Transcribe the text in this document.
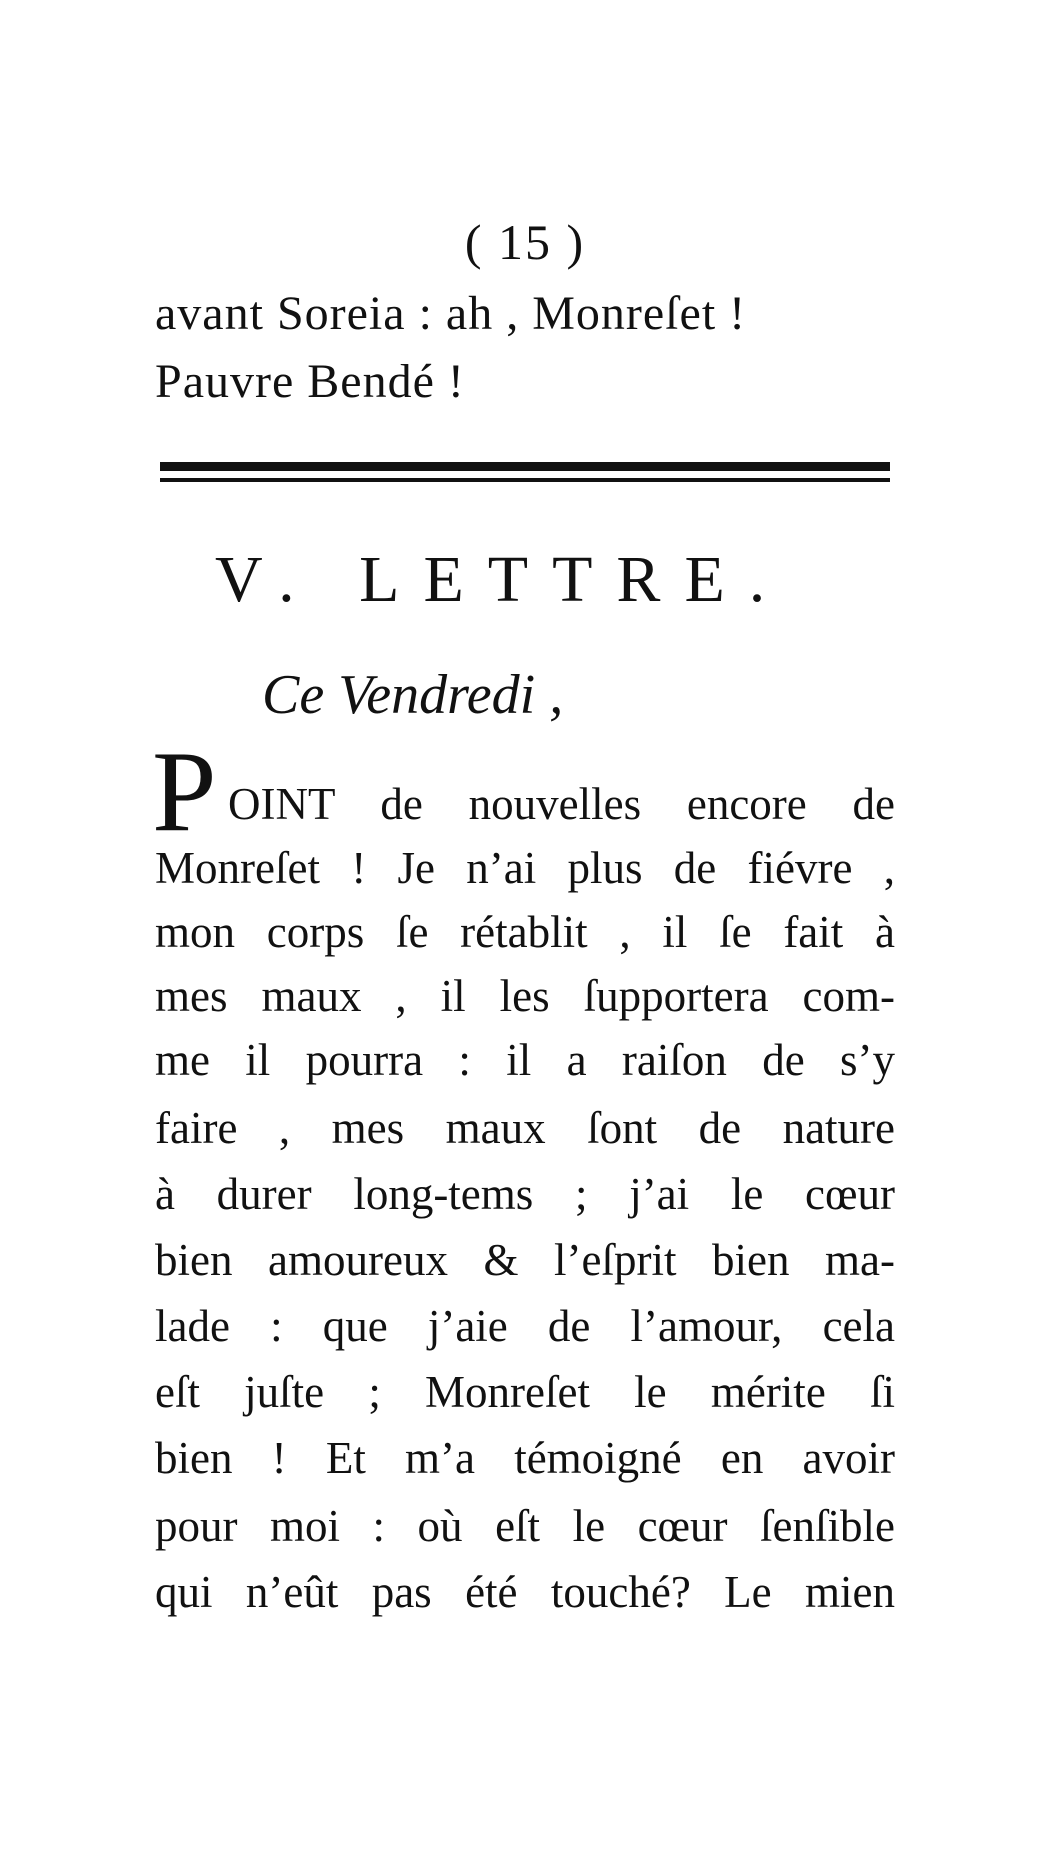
( 15 )
avant Soreia : ah , Monreſet !
Pauvre Bendé !
V. LETTRE.
Ce Vendredi ,
P OINT de nouvelles encore de
Monreſet ! Je n’ai plus de fiévre ,
mon corps ſe rétablit , il ſe fait à
mes maux , il les ſupportera com-
me il pourra : il a raiſon de s’y
faire , mes maux ſont de nature
à durer long-tems ; j’ai le cœur
bien amoureux & l’eſprit bien ma-
lade : que j’aie de l’amour, cela
eſt juſte ; Monreſet le mérite ſi
bien ! Et m’a témoigné en avoir
pour moi : où eſt le cœur ſenſible
qui n’eût pas été touché? Le mien
